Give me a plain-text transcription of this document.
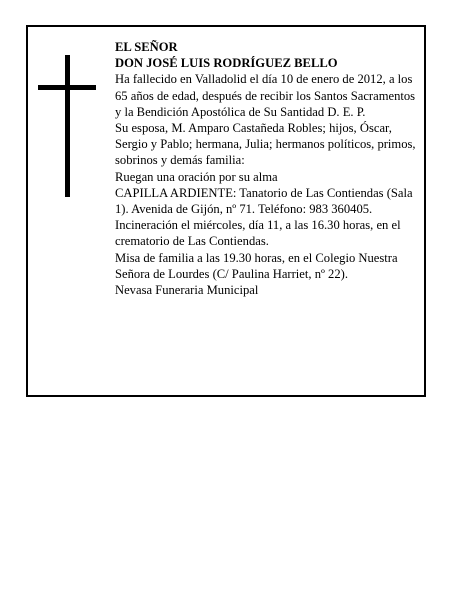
EL SEÑOR

DON JOSÉ LUIS RODRÍGUEZ BELLO

Ha fallecido en Valladolid el día 10 de enero de 2012, a los 65 años de edad, después de recibir los Santos Sacramentos y la Bendición Apostólica de Su Santidad D. E. P.

Su esposa, M. Amparo Castañeda Robles; hijos, Óscar, Sergio y Pablo; hermana, Julia; hermanos políticos, primos, sobrinos y demás familia:

Ruegan una oración por su alma

CAPILLA ARDIENTE: Tanatorio de Las Contiendas (Sala 1). Avenida de Gijón, nº 71. Teléfono: 983 360405.

Incineración el miércoles, día 11, a las 16.30 horas, en el crematorio de Las Contiendas.

Misa de familia a las 19.30 horas, en el Colegio Nuestra Señora de Lourdes (C/ Paulina Harriet, nº 22).

Nevasa Funeraria Municipal
